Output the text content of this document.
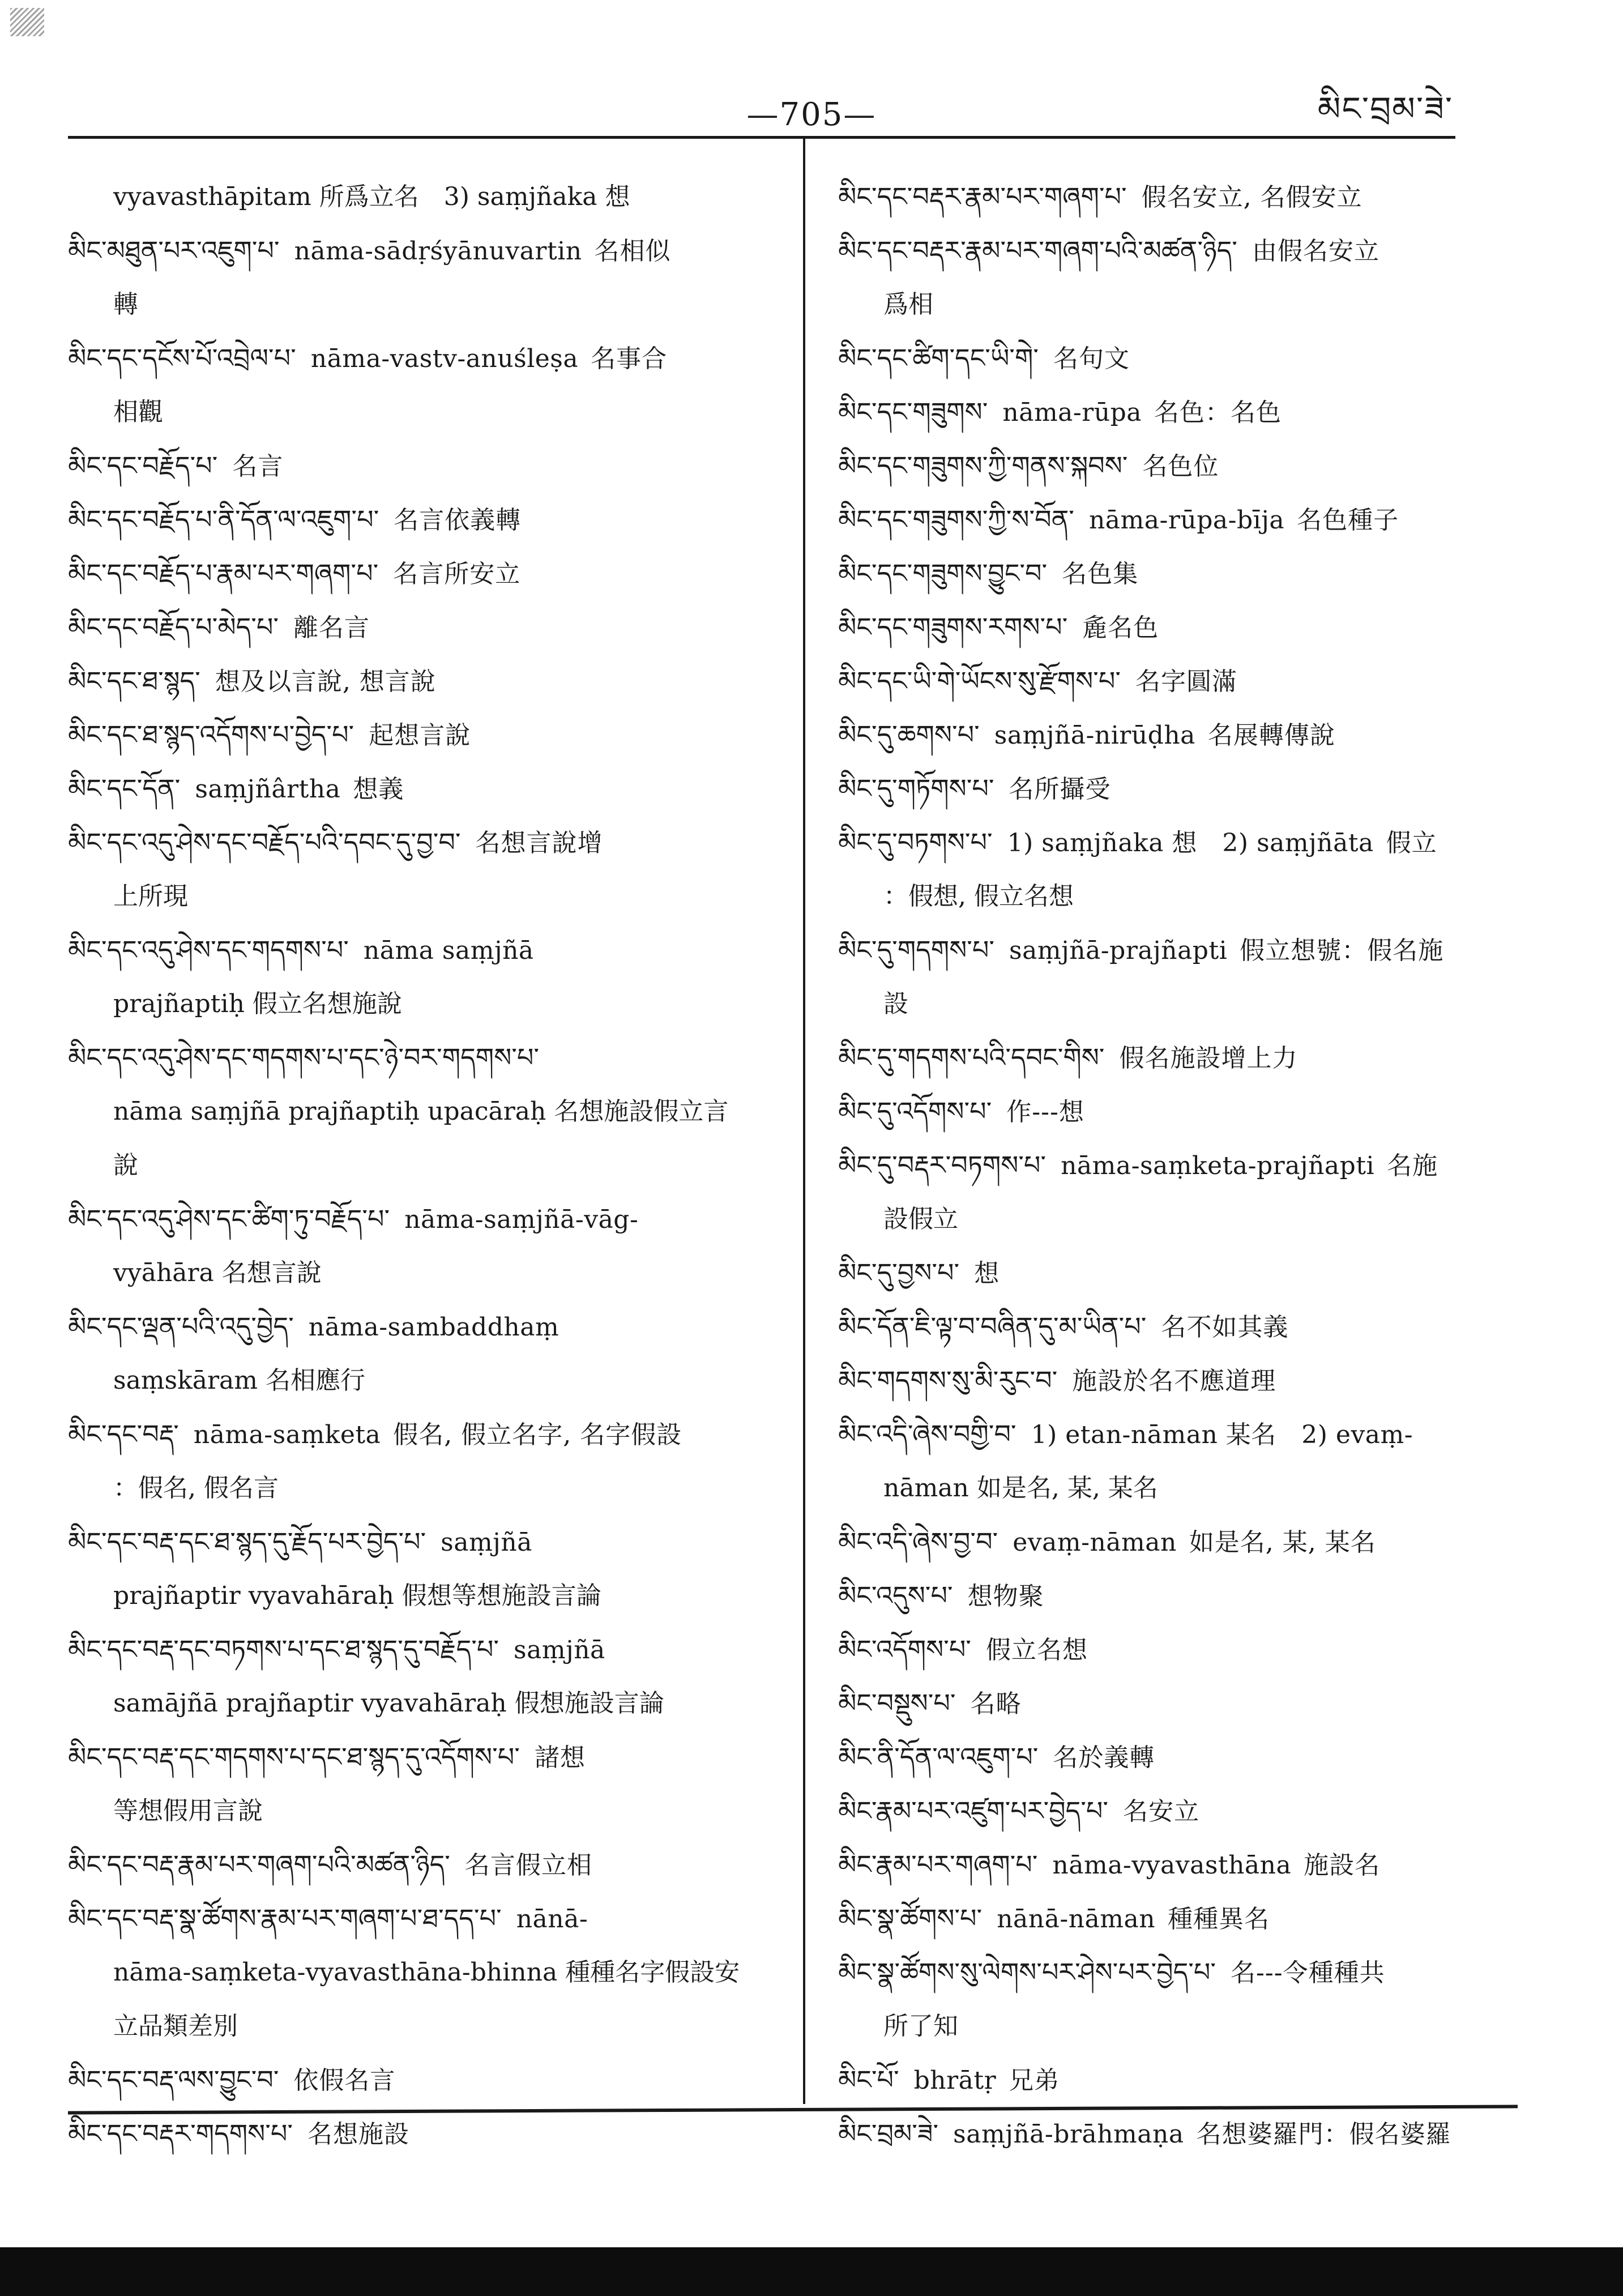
—705—	མིང་བྲམ་ཟེ་
vyavasthāpitam 所爲立名　3) saṃjñaka 想
མིང་མཐུན་པར་འཇུག་པ་ nāma-sādṛśyānuvartin 名相似
轉
མིང་དང་དངོས་པོ་འབྲེལ་པ་ nāma-vastv-anuśleṣa 名事合
相觀
མིང་དང་བརྗོད་པ་ 名言
མིང་དང་བརྗོད་པ་ནི་དོན་ལ་འཇུག་པ་ 名言依義轉
མིང་དང་བརྗོད་པ་རྣམ་པར་གཞག་པ་ 名言所安立
མིང་དང་བརྗོད་པ་མེད་པ་ 離名言
མིང་དང་ཐ་སྙད་ 想及以言說, 想言說
མིང་དང་ཐ་སྙད་འདོགས་པ་བྱེད་པ་ 起想言說
མིང་དང་དོན་ saṃjñârtha 想義
མིང་དང་འདུ་ཤེས་དང་བརྗོད་པའི་དབང་དུ་བྱ་བ་ 名想言說增
上所現
མིང་དང་འདུ་ཤེས་དང་གདགས་པ་ nāma saṃjñā
prajñaptiḥ 假立名想施說
མིང་དང་འདུ་ཤེས་དང་གདགས་པ་དང་ཉེ་བར་གདགས་པ་
nāma saṃjñā prajñaptiḥ upacāraḥ 名想施設假立言
說
མིང་དང་འདུ་ཤེས་དང་ཚིག་ཏུ་བརྗོད་པ་ nāma-saṃjñā-vāg-
vyāhāra 名想言說
མིང་དང་ལྡན་པའི་འདུ་བྱེད་ nāma-sambaddhaṃ
saṃskāram 名相應行
མིང་དང་བརྡ་ nāma-saṃketa 假名, 假立名字, 名字假設
：假名, 假名言
མིང་དང་བརྡ་དང་ཐ་སྙད་དུ་རྗོད་པར་བྱེད་པ་ saṃjñā
prajñaptir vyavahāraḥ 假想等想施設言論
མིང་དང་བརྡ་དང་བཏགས་པ་དང་ཐ་སྙད་དུ་བརྗོད་པ་ saṃjñā
samājñā prajñaptir vyavahāraḥ 假想施設言論
མིང་དང་བརྡ་དང་གདགས་པ་དང་ཐ་སྙད་དུ་འདོགས་པ་ 諸想
等想假用言說
མིང་དང་བརྡ་རྣམ་པར་གཞག་པའི་མཚན་ཉིད་ 名言假立相
མིང་དང་བརྡ་སྣ་ཚོགས་རྣམ་པར་གཞག་པ་ཐ་དད་པ་ nānā-
nāma-saṃketa-vyavasthāna-bhinna 種種名字假設安
立品類差別
མིང་དང་བརྡ་ལས་བྱུང་བ་ 依假名言
མིང་དང་བརྡར་གདགས་པ་ 名想施設
མིང་དང་བརྡར་རྣམ་པར་གཞག་པ་ 假名安立, 名假安立
མིང་དང་བརྡར་རྣམ་པར་གཞག་པའི་མཚན་ཉིད་ 由假名安立
爲相
མིང་དང་ཚིག་དང་ཡི་གེ་ 名句文
མིང་དང་གཟུགས་ nāma-rūpa 名色：名色
མིང་དང་གཟུགས་ཀྱི་གནས་སྐབས་ 名色位
མིང་དང་གཟུགས་ཀྱི་ས་བོན་ nāma-rūpa-bīja 名色種子
མིང་དང་གཟུགས་བྱུང་བ་ 名色集
མིང་དང་གཟུགས་རགས་པ་ 麁名色
མིང་དང་ཡི་གེ་ཡོངས་སུ་རྫོགས་པ་ 名字圓滿
མིང་དུ་ཆགས་པ་ saṃjñā-nirūḍha 名展轉傳說
མིང་དུ་གཏོགས་པ་ 名所攝受
མིང་དུ་བཏགས་པ་ 1) saṃjñaka 想　2) saṃjñāta 假立
：假想, 假立名想
མིང་དུ་གདགས་པ་ saṃjñā-prajñapti 假立想號：假名施
設
མིང་དུ་གདགས་པའི་དབང་གིས་ 假名施設增上力
མིང་དུ་འདོགས་པ་ 作---想
མིང་དུ་བརྡར་བཏགས་པ་ nāma-saṃketa-prajñapti 名施
設假立
མིང་དུ་བྱས་པ་ 想
མིང་དོན་ཇི་ལྟ་བ་བཞིན་དུ་མ་ཡིན་པ་ 名不如其義
མིང་གདགས་སུ་མི་རུང་བ་ 施設於名不應道理
མིང་འདི་ཞེས་བགྱི་བ་ 1) etan-nāman 某名　2) evaṃ-
nāman 如是名, 某, 某名
མིང་འདི་ཞེས་བྱ་བ་ evaṃ-nāman 如是名, 某, 某名
མིང་འདུས་པ་ 想物聚
མིང་འདོགས་པ་ 假立名想
མིང་བསྡུས་པ་ 名略
མིང་ནི་དོན་ལ་འཇུག་པ་ 名於義轉
མིང་རྣམ་པར་འཛུག་པར་བྱེད་པ་ 名安立
མིང་རྣམ་པར་གཞག་པ་ nāma-vyavasthāna 施設名
མིང་སྣ་ཚོགས་པ་ nānā-nāman 種種異名
མིང་སྣ་ཚོགས་སུ་ལེགས་པར་ཤེས་པར་བྱེད་པ་ 名---令種種共
所了知
མིང་པོ་ bhrātṛ 兄弟
མིང་བྲམ་ཟེ་ saṃjñā-brāhmaṇa 名想婆羅門：假名婆羅
